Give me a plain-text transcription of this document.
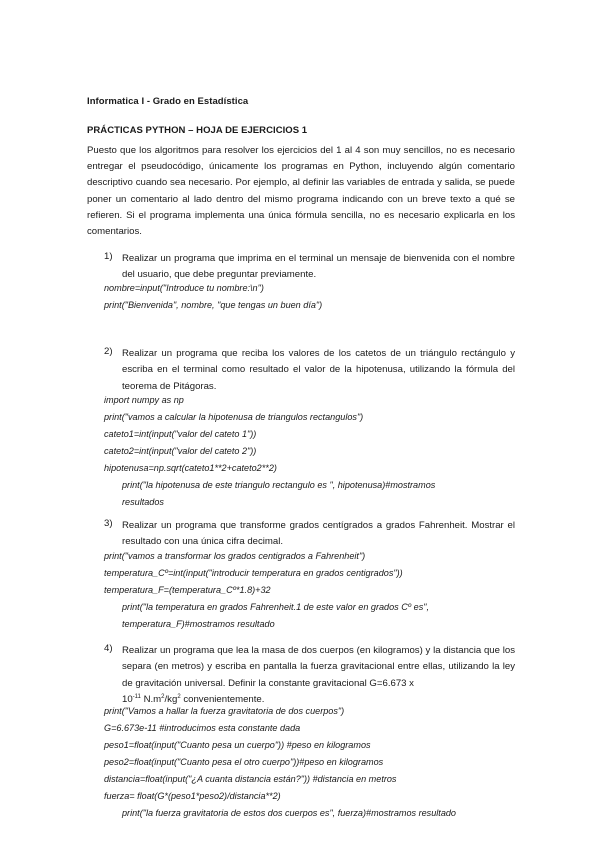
Informatica I - Grado en Estadística
PRÁCTICAS PYTHON – HOJA DE EJERCICIOS 1

Puesto que los algoritmos para resolver los ejercicios del 1 al 4 son muy sencillos, no es necesario entregar el pseudocódigo, únicamente los programas en Python, incluyendo algún comentario descriptivo cuando sea necesario. Por ejemplo, al definir las variables de entrada y salida, se puede poner un comentario al lado dentro del mismo programa indicando con un breve texto a qué se refieren. Si el programa implementa una única fórmula sencilla, no es necesario explicarla en los comentarios.

1) Realizar un programa que imprima en el terminal un mensaje de bienvenida con el nombre del usuario, que debe preguntar previamente.

nombre=input("Introduce tu nombre:\n")
print("Bienvenida", nombre, "que tengas un buen día")
2) Realizar un programa que reciba los valores de los catetos de un triángulo rectángulo y escriba en el terminal como resultado el valor de la hipotenusa, utilizando la fórmula del teorema de Pitágoras.

import numpy as np
print("vamos a calcular la hipotenusa de triangulos rectangulos")
cateto1=int(input("valor del cateto 1"))
cateto2=int(input("valor del cateto 2"))
hipotenusa=np.sqrt(cateto1**2+cateto2**2)
print("la hipotenusa de este triangulo rectangulo es ", hipotenusa)#mostramos
resultados
3) Realizar un programa que transforme grados centígrados a grados Fahrenheit. Mostrar el resultado con una única cifra decimal.

print("vamos a transformar los grados centigrados a Fahrenheit")
temperatura_Cº=int(input("introducir temperatura en grados centigrados"))
temperatura_F=(temperatura_Cº*1.8)+32
print("la temperatura en grados Fahrenheit.1 de este valor en grados Cº es",
temperatura_F)#mostramos resultado
4) Realizar un programa que lea la masa de dos cuerpos (en kilogramos) y la distancia que los separa (en metros) y escriba en pantalla la fuerza gravitacional entre ellas, utilizando la ley de gravitación universal. Definir la constante gravitacional G=6.673 x
$10^{-11}$ $N.m^2/kg^2$ convenientemente.

print("Vamos a hallar la fuerza gravitatoria de dos cuerpos")
G=6.673e-11 #introducimos esta constante dada
peso1=float(input("Cuanto pesa un cuerpo")) #peso en kilogramos
peso2=float(input("Cuanto pesa el otro cuerpo"))#peso en kilogramos
distancia=float(input("¿A cuanta distancia están?")) #distancia en metros
fuerza= float(G*(peso1*peso2)/distancia**2)
print("la fuerza gravitatoria de estos dos cuerpos es", fuerza)#mostramos resultado
